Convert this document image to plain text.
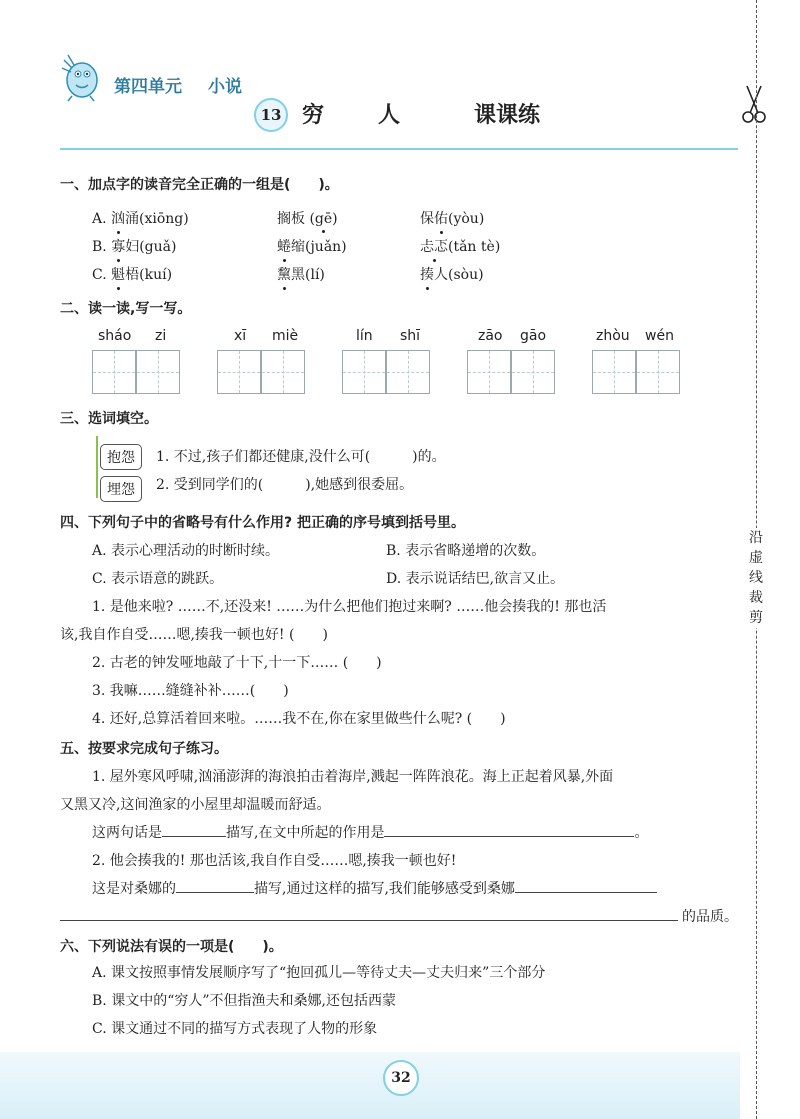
第四单元 小说
13 穷 人	课课练
沿
虚
线
裁
剪
一、加点字的读音完全正确的一组是(　　)。
A. 汹涌(xiōng)	搁板 (gē)	保佑(yòu)
B. 寡妇(guǎ)	蜷缩(juǎn)	忐忑(tǎn tè)
C. 魁梧(kuí)	黧黑(lí)	揍人(sòu)
二、读一读,写一写。
sháo zi	xī miè	lín shī	zāo gāo	zhòu wén
三、选词填空。
抱怨
埋怨
1. 不过,孩子们都还健康,没什么可(　　　)的。
2. 受到同学们的(　　　),她感到很委屈。
四、下列句子中的省略号有什么作用? 把正确的序号填到括号里。
A. 表示心理活动的时断时续。	B. 表示省略递增的次数。
C. 表示语意的跳跃。	D. 表示说话结巴,欲言又止。
1. 是他来啦? ……不,还没来! ……为什么把他们抱过来啊? ……他会揍我的! 那也活
该,我自作自受……嗯,揍我一顿也好! (　　)
2. 古老的钟发哑地敲了十下,十一下…… (　　)
3. 我嘛……缝缝补补……(　　)
4. 还好,总算活着回来啦。……我不在,你在家里做些什么呢? (　　)
五、按要求完成句子练习。
1. 屋外寒风呼啸,汹涌澎湃的海浪拍击着海岸,溅起一阵阵浪花。海上正起着风暴,外面
又黑又冷,这间渔家的小屋里却温暖而舒适。
这两句话是	描写,在文中所起的作用是	。
2. 他会揍我的! 那也活该,我自作自受……嗯,揍我一顿也好!
这是对桑娜的	描写,通过这样的描写,我们能够感受到桑娜
的品质。
六、下列说法有误的一项是(　　)。
A. 课文按照事情发展顺序写了“抱回孤儿—等待丈夫—丈夫归来”三个部分
B. 课文中的“穷人”不但指渔夫和桑娜,还包括西蒙
C. 课文通过不同的描写方式表现了人物的形象
32
